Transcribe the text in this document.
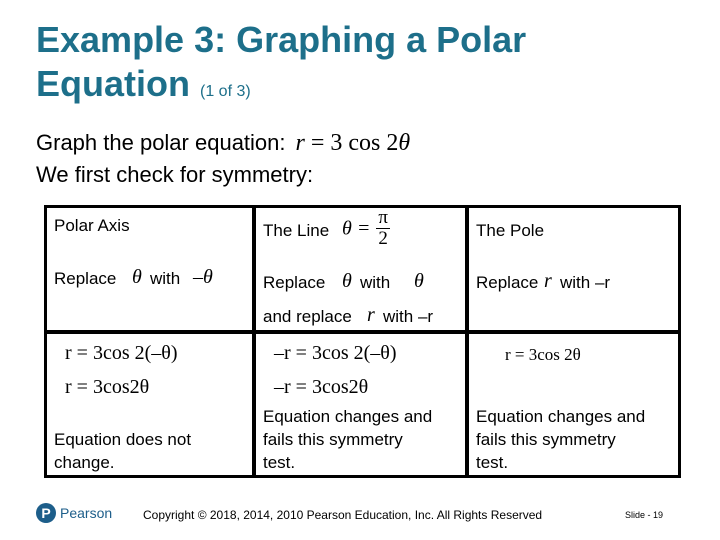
Example 3: Graphing a Polar Equation (1 of 3)
Graph the polar equation: r = 3 cos 2θ
We first check for symmetry:
Polar Axis
Replace θ with –θ
The Line $\theta = \frac{\pi}{2}$
Replace θ with θ
and replace r with –r
The Pole
Replace r with –r
r = 3cos 2(–θ)
r = 3cos2θ
Equation does not
change.
–r = 3cos 2(–θ)
–r = 3cos2θ
Equation changes and
fails this symmetry
test.
r = 3cos 2θ
Equation changes and
fails this symmetry
test.
P Pearson	Copyright © 2018, 2014, 2010 Pearson Education, Inc. All Rights Reserved	Slide - 19
